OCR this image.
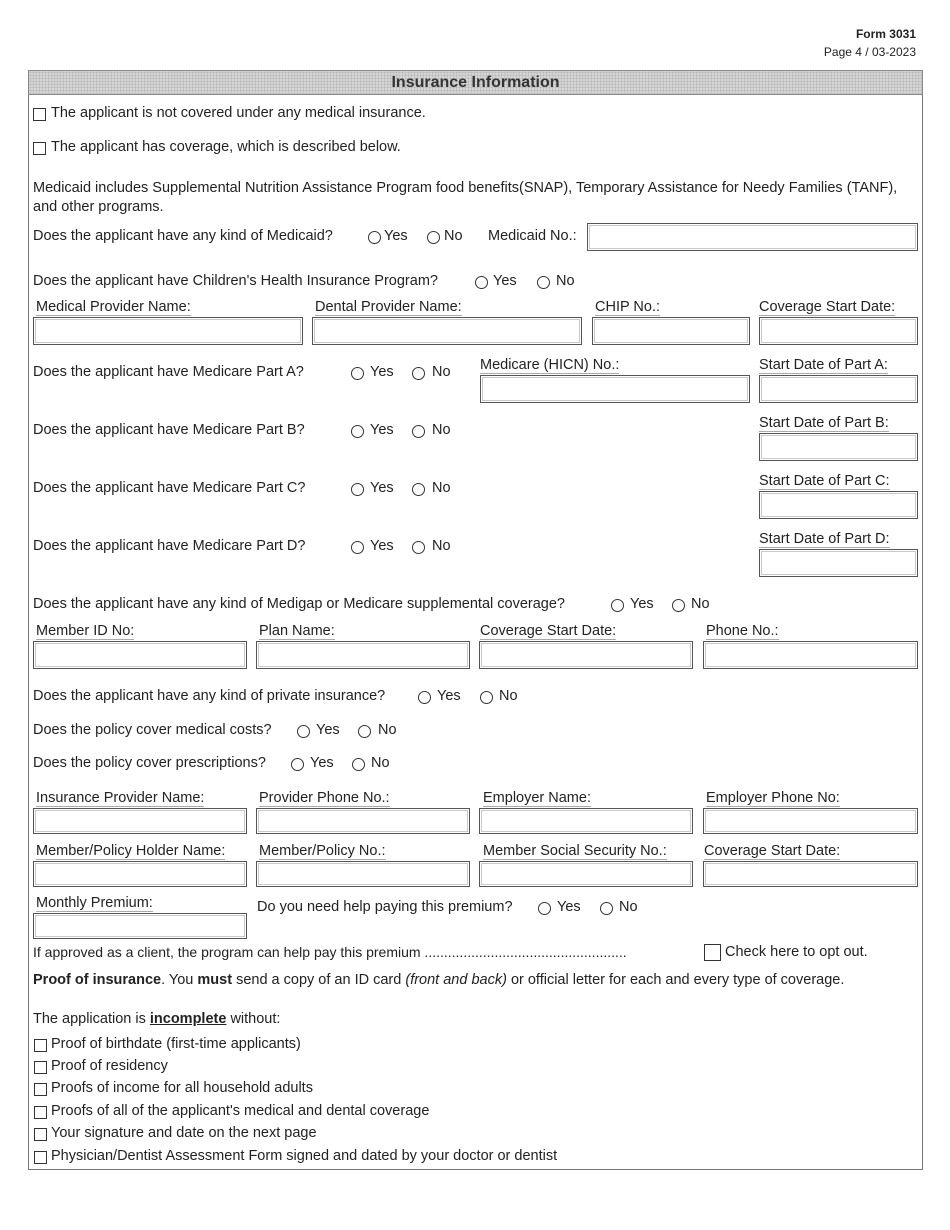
Form 3031
Page 4 / 03-2023
Insurance Information
The applicant is not covered under any medical insurance.
The applicant has coverage, which is described below.
Medicaid includes Supplemental Nutrition Assistance Program food benefits(SNAP), Temporary Assistance for Needy Families (TANF), and other programs.
Does the applicant have any kind of Medicaid?	Yes	No Medicaid No.:
Does the applicant have Children's Health Insurance Program?	Yes	No
Medical Provider Name:	Dental Provider Name:	CHIP No.:	Coverage Start Date:
Does the applicant have Medicare Part A?	Yes	No Medicare (HICN) No.:	Start Date of Part A:
Does the applicant have Medicare Part B?	Yes	No	Start Date of Part B:
Does the applicant have Medicare Part C?	Yes	No	Start Date of Part C:
Does the applicant have Medicare Part D?	Yes	No	Start Date of Part D:
Does the applicant have any kind of Medigap or Medicare supplemental coverage?	Yes	No
Member ID No:	Plan Name:	Coverage Start Date:	Phone No.:
Does the applicant have any kind of private insurance?	Yes	No
Does the policy cover medical costs?	Yes	No
Does the policy cover prescriptions?	Yes	No
Insurance Provider Name:	Provider Phone No.:	Employer Name:	Employer Phone No:
Member/Policy Holder Name: Member/Policy No.:	Member Social Security No.:	Coverage Start Date:
Monthly Premium:	Do you need help paying this premium?	Yes	No
If approved as a client, the program can help pay this premium ....................................................	Check here to opt out.
Proof of insurance. You must send a copy of an ID card (front and back) or official letter for each and every type of coverage.
The application is incomplete without:
Proof of birthdate (first-time applicants)
Proof of residency
Proofs of income for all household adults
Proofs of all of the applicant's medical and dental coverage
Your signature and date on the next page
Physician/Dentist Assessment Form signed and dated by your doctor or dentist
